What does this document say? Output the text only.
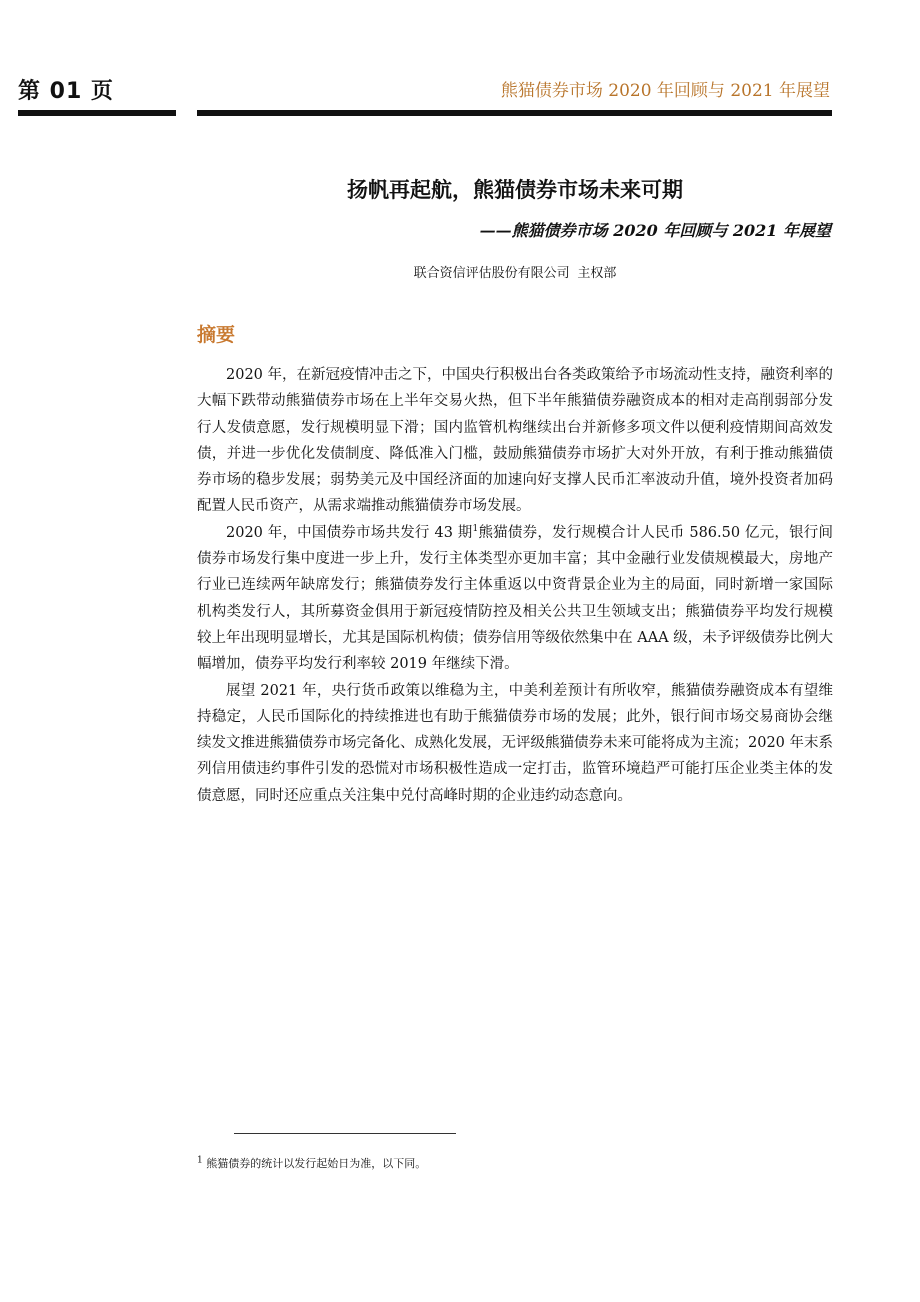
第 01 页	熊猫债券市场 2020 年回顾与 2021 年展望
扬帆再起航，熊猫债券市场未来可期
——熊猫债券市场 2020 年回顾与 2021 年展望
联合资信评估股份有限公司 主权部
摘要

2020 年，在新冠疫情冲击之下，中国央行积极出台各类政策给予市场流动性支持，融资利率的大幅下跌带动熊猫债券市场在上半年交易火热，但下半年熊猫债券融资成本的相对走高削弱部分发行人发债意愿，发行规模明显下滑；国内监管机构继续出台并新修多项文件以便利疫情期间高效发债，并进一步优化发债制度、降低准入门槛，鼓励熊猫债券市场扩大对外开放，有利于推动熊猫债券市场的稳步发展；弱势美元及中国经济面的加速向好支撑人民币汇率波动升值，境外投资者加码配置人民币资产，从需求端推动熊猫债券市场发展。

2020 年，中国债券市场共发行 43 期$^1$熊猫债券，发行规模合计人民币 586.50 亿元，银行间债券市场发行集中度进一步上升，发行主体类型亦更加丰富；其中金融行业发债规模最大，房地产行业已连续两年缺席发行；熊猫债券发行主体重返以中资背景企业为主的局面，同时新增一家国际机构类发行人，其所募资金俱用于新冠疫情防控及相关公共卫生领域支出；熊猫债券平均发行规模较上年出现明显增长，尤其是国际机构债；债券信用等级依然集中在 AAA 级，未予评级债券比例大幅增加，债券平均发行利率较 2019 年继续下滑。

展望 2021 年，央行货币政策以维稳为主，中美利差预计有所收窄，熊猫债券融资成本有望维持稳定，人民币国际化的持续推进也有助于熊猫债券市场的发展；此外，银行间市场交易商协会继续发文推进熊猫债券市场完备化、成熟化发展，无评级熊猫债券未来可能将成为主流；2020 年末系列信用债违约事件引发的恐慌对市场积极性造成一定打击，监管环境趋严可能打压企业类主体的发债意愿，同时还应重点关注集中兑付高峰时期的企业违约动态意向。

$^1$ 熊猫债券的统计以发行起始日为准，以下同。
